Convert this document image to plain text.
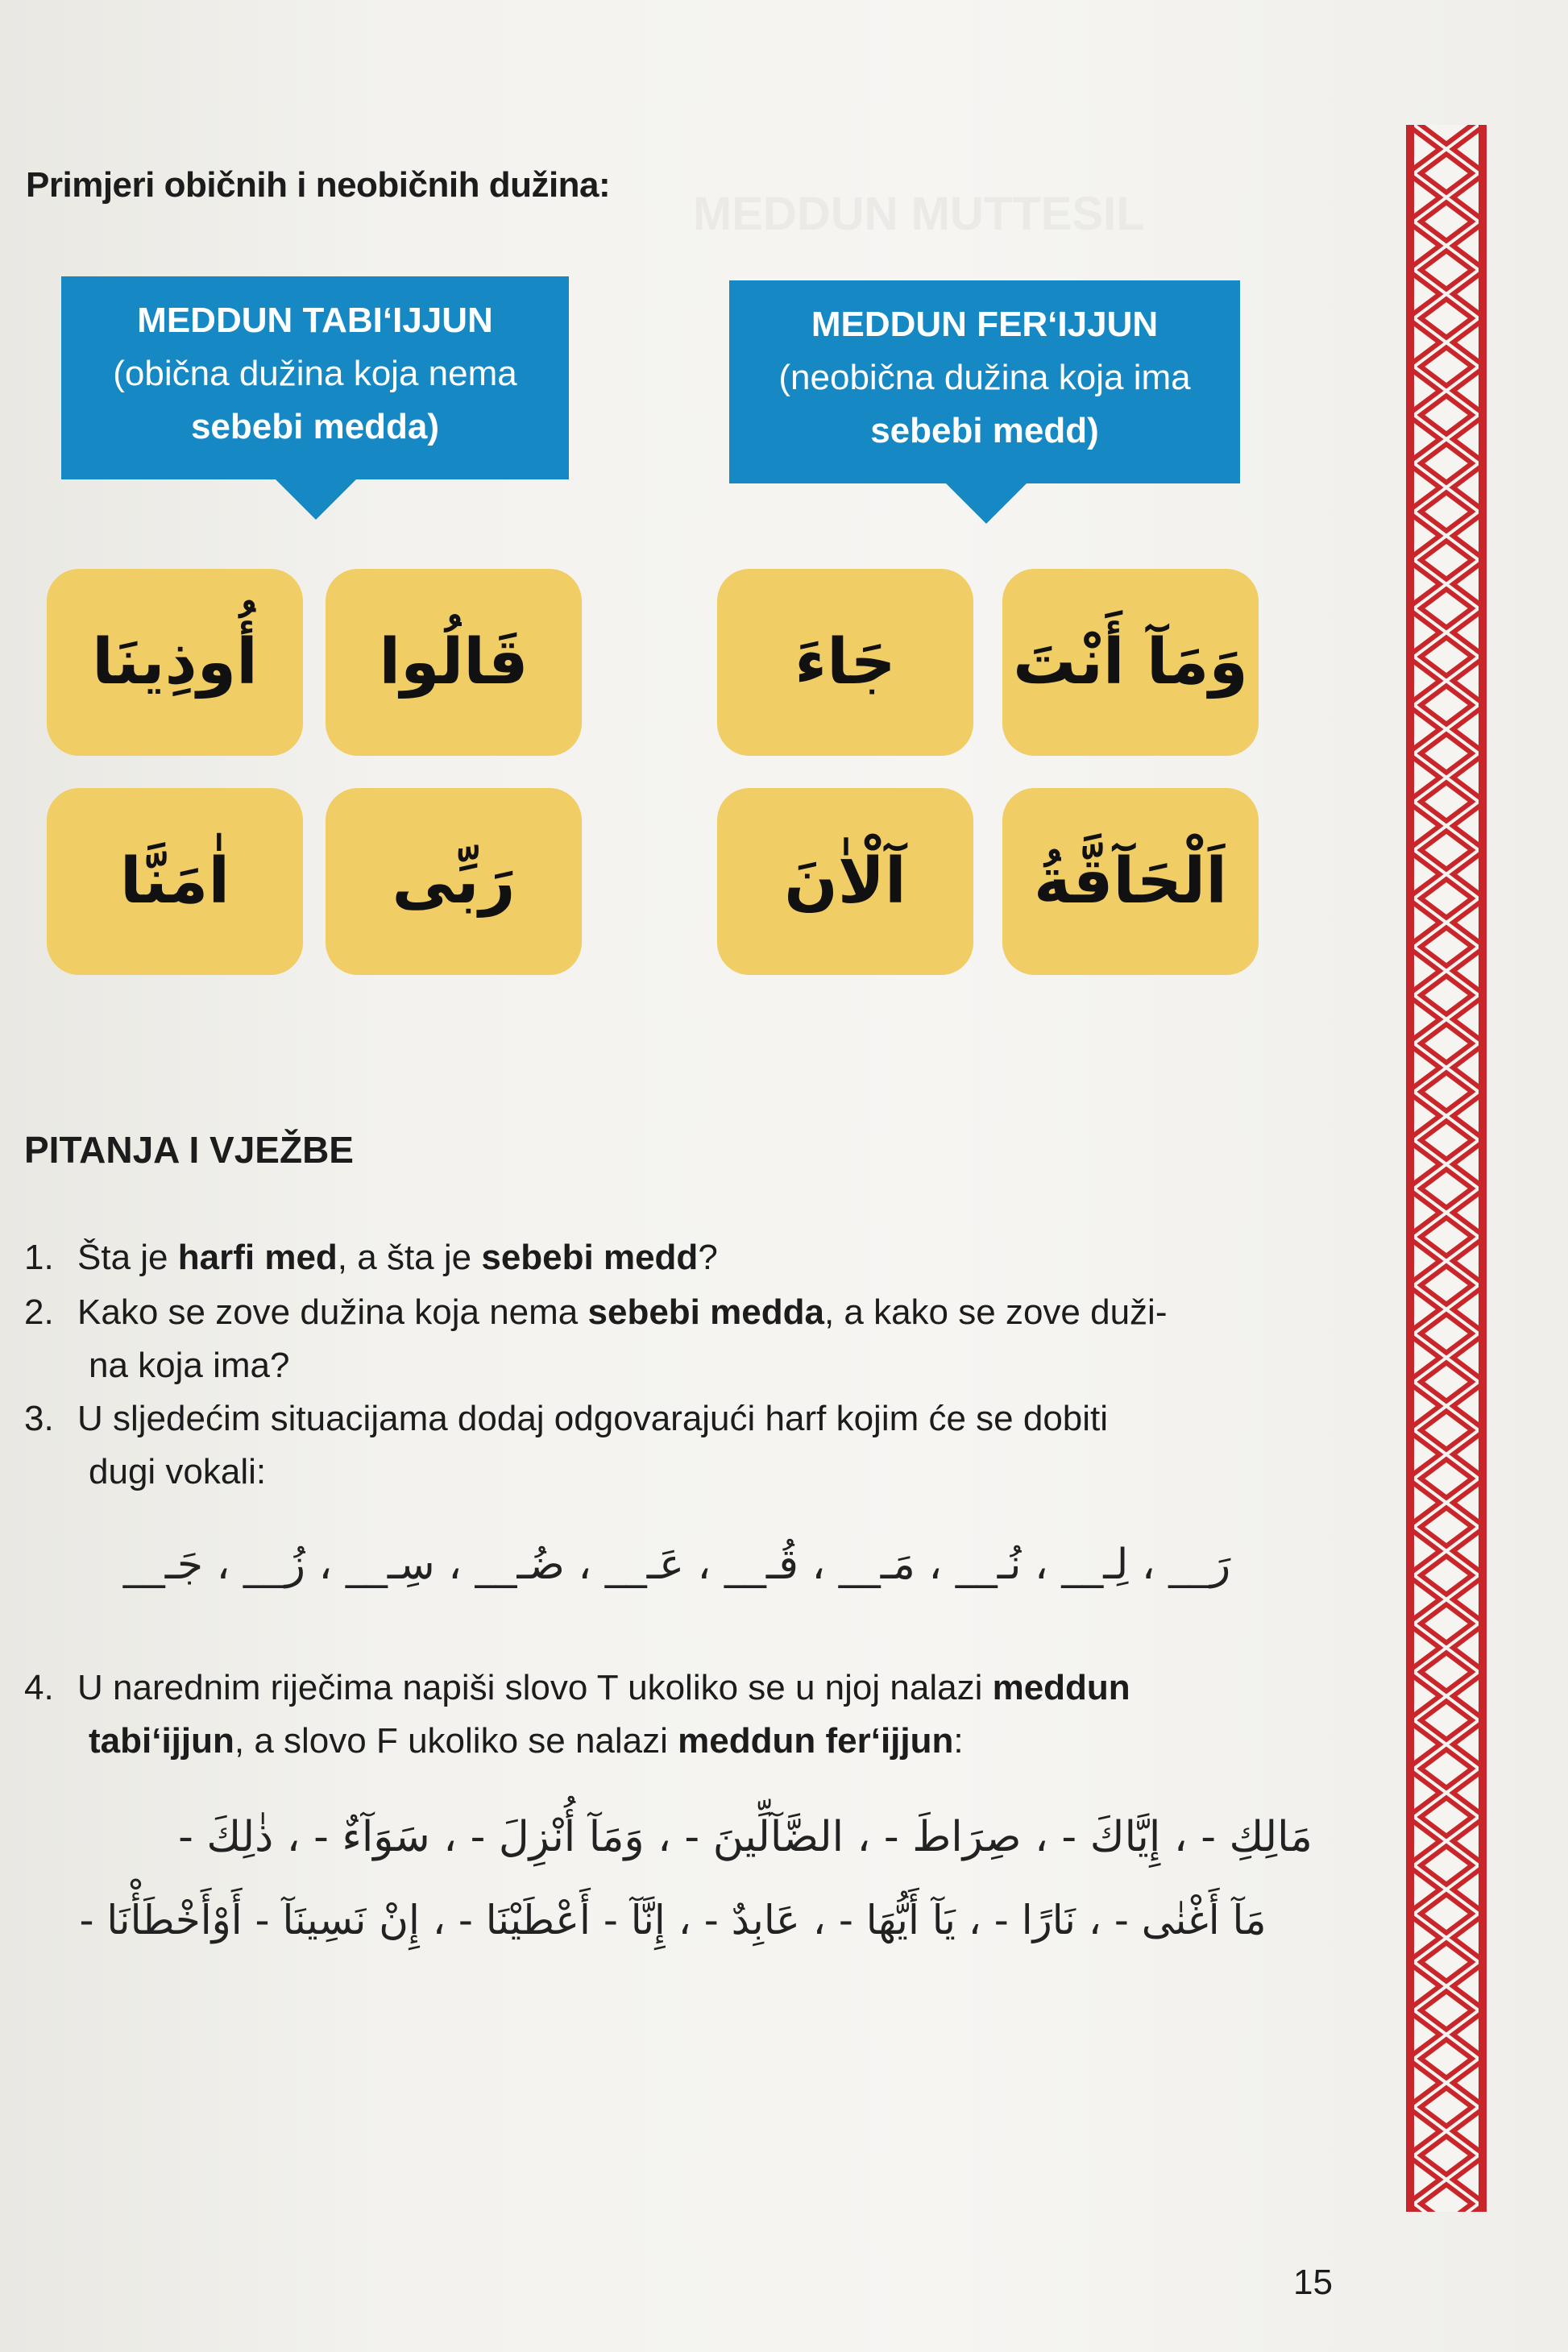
MEDDUN MUTTESIL
Primjeri običnih i neobičnih dužina:
MEDDUN TABI‘IJJUN
(obična dužina koja nema
sebebi medda)
MEDDUN FER‘IJJUN
(neobična dužina koja ima
sebebi medd)
قَالُوا
أُوذِينَا	وَمَآ أَنْتَ
جَاءَ
رَبِّى
اٰمَنَّا	اَلْحَآقَّةُ
آلْاٰنَ
PITANJA I VJEŽBE
1. Šta je harfi med, a šta je sebebi medd?
2. Kako se zove dužina koja nema sebebi medda, a kako se zove duži-
na koja ima?
3. U sljedećim situacijama dodaj odgovarajući harf kojim će se dobiti
dugi vokali:
رَ__ ، لِـ__ ، نُـ__ ، مَـ__ ، قُـ__ ، عَـ__ ، ضُـ__ ، سِـ__ ، زُ__ ، جَـ__
4. U narednim riječima napiši slovo T ukoliko se u njoj nalazi meddun
tabi‘ijjun, a slovo F ukoliko se nalazi meddun fer‘ijjun:
مَالِكِ - ، إِيَّاكَ - ، صِرَاطَ - ، الضَّآلِّينَ - ، وَمَآ أُنْزِلَ - ، سَوَآءٌ - ، ذٰلِكَ -
مَآ أَغْنٰى - ، نَارًا - ، يَآ أَيُّهَا - ، عَابِدٌ - ، إِنَّآ - أَعْطَيْنَا - ، إِنْ نَسِينَآ - أَوْأَخْطَأْنَا -
15
